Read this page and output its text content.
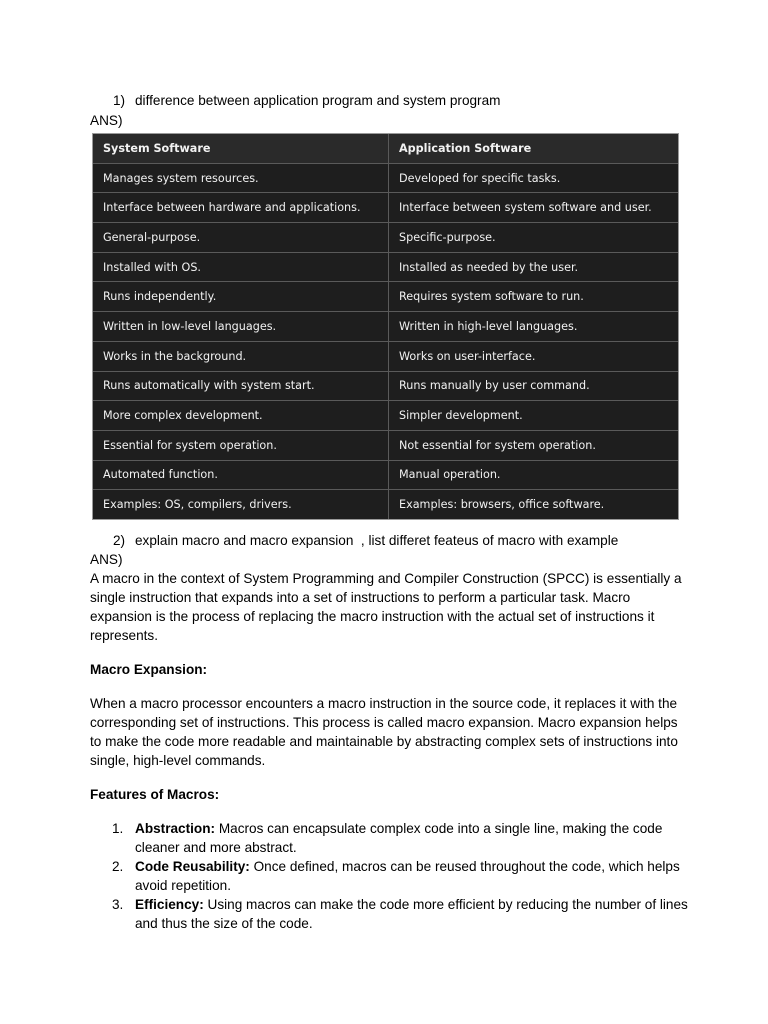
1) difference between application program and system program
ANS)
System Software	Application Software
Manages system resources.	Developed for specific tasks.
Interface between hardware and applications.	Interface between system software and user.
General-purpose.	Specific-purpose.
Installed with OS.	Installed as needed by the user.
Runs independently.	Requires system software to run.
Written in low-level languages.	Written in high-level languages.
Works in the background.	Works on user-interface.
Runs automatically with system start.	Runs manually by user command.
More complex development.	Simpler development.
Essential for system operation.	Not essential for system operation.
Automated function.	Manual operation.
Examples: OS, compilers, drivers.	Examples: browsers, office software.
2) explain macro and macro expansion  , list differet feateus of macro with example
ANS)

A macro in the context of System Programming and Compiler Construction (SPCC) is essentially a single instruction that expands into a set of instructions to perform a particular task. Macro expansion is the process of replacing the macro instruction with the actual set of instructions it represents.

Macro Expansion:

When a macro processor encounters a macro instruction in the source code, it replaces it with the corresponding set of instructions. This process is called macro expansion. Macro expansion helps to make the code more readable and maintainable by abstracting complex sets of instructions into single, high-level commands.

Features of Macros:
1. Abstraction: Macros can encapsulate complex code into a single line, making the code cleaner and more abstract.
2. Code Reusability: Once defined, macros can be reused throughout the code, which helps avoid repetition.
3. Efficiency: Using macros can make the code more efficient by reducing the number of lines and thus the size of the code.
